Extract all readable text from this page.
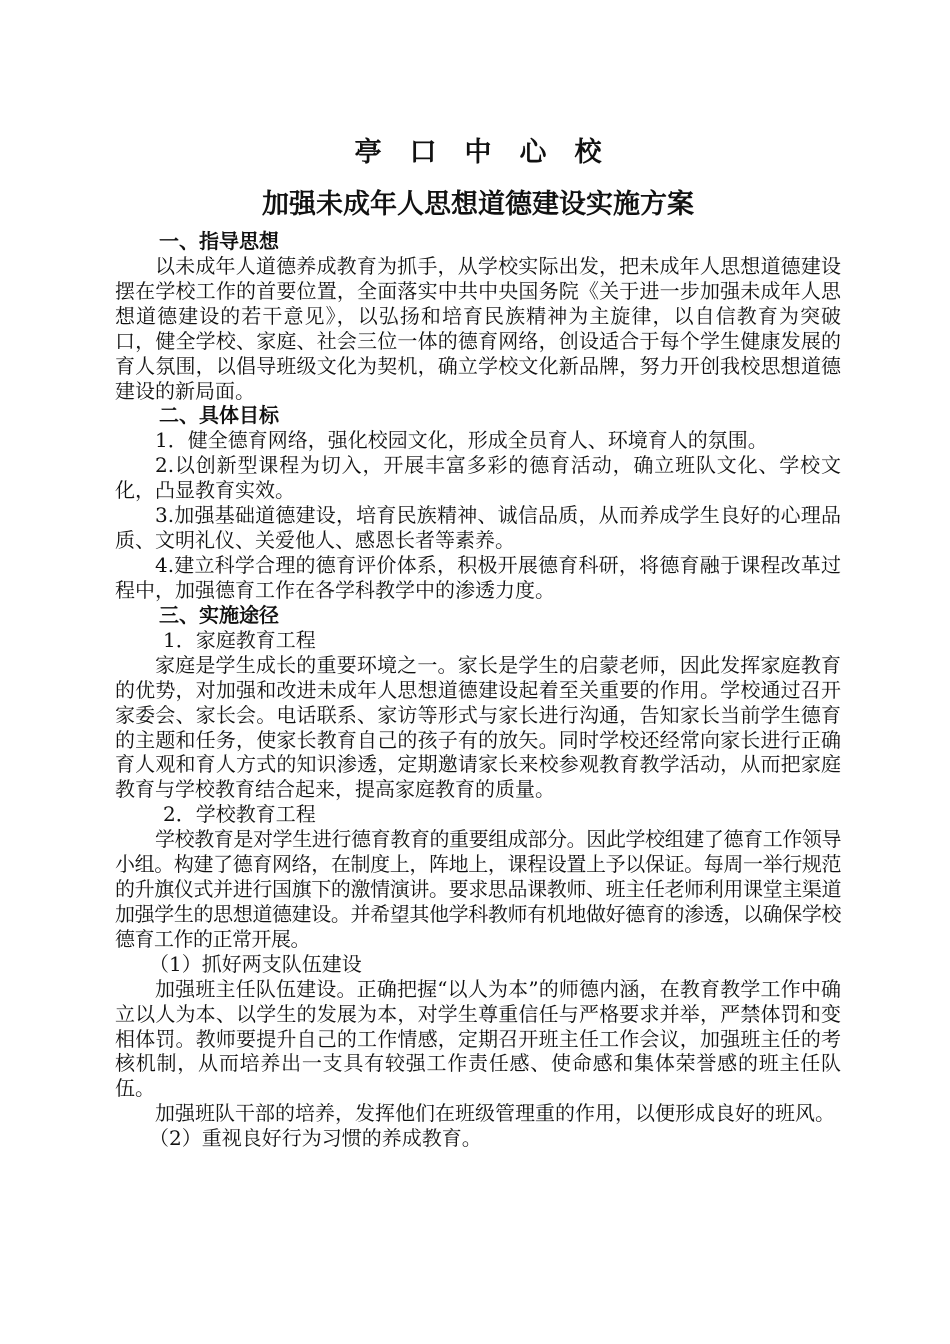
亭口中心校
加强未成年人思想道德建设实施方案
一、指导思想
以未成年人道德养成教育为抓手，从学校实际出发，把未成年人思想道德建设摆在学校工作的首要位置，全面落实中共中央国务院《关于进一步加强未成年人思想道德建设的若干意见》，以弘扬和培育民族精神为主旋律，以自信教育为突破口，健全学校、家庭、社会三位一体的德育网络，创设适合于每个学生健康发展的育人氛围，以倡导班级文化为契机，确立学校文化新品牌，努力开创我校思想道德建设的新局面。
二、具体目标
1．健全德育网络，强化校园文化，形成全员育人、环境育人的氛围。
2.以创新型课程为切入，开展丰富多彩的德育活动，确立班队文化、学校文化，凸显教育实效。
3.加强基础道德建设，培育民族精神、诚信品质，从而养成学生良好的心理品质、文明礼仪、关爱他人、感恩长者等素养。
4.建立科学合理的德育评价体系，积极开展德育科研，将德育融于课程改革过程中，加强德育工作在各学科教学中的渗透力度。
三、实施途径
1．家庭教育工程
家庭是学生成长的重要环境之一。家长是学生的启蒙老师，因此发挥家庭教育的优势，对加强和改进未成年人思想道德建设起着至关重要的作用。学校通过召开家委会、家长会。电话联系、家访等形式与家长进行沟通，告知家长当前学生德育的主题和任务，使家长教育自己的孩子有的放矢。同时学校还经常向家长进行正确育人观和育人方式的知识渗透，定期邀请家长来校参观教育教学活动，从而把家庭教育与学校教育结合起来，提高家庭教育的质量。
2．学校教育工程
学校教育是对学生进行德育教育的重要组成部分。因此学校组建了德育工作领导小组。构建了德育网络，在制度上，阵地上，课程设置上予以保证。每周一举行规范的升旗仪式并进行国旗下的激情演讲。要求思品课教师、班主任老师利用课堂主渠道加强学生的思想道德建设。并希望其他学科教师有机地做好德育的渗透，以确保学校德育工作的正常开展。
（1）抓好两支队伍建设
加强班主任队伍建设。正确把握“以人为本”的师德内涵，在教育教学工作中确立以人为本、以学生的发展为本，对学生尊重信任与严格要求并举，严禁体罚和变相体罚。教师要提升自己的工作情感，定期召开班主任工作会议，加强班主任的考核机制，从而培养出一支具有较强工作责任感、使命感和集体荣誉感的班主任队伍。
加强班队干部的培养，发挥他们在班级管理重的作用，以便形成良好的班风。
（2）重视良好行为习惯的养成教育。
